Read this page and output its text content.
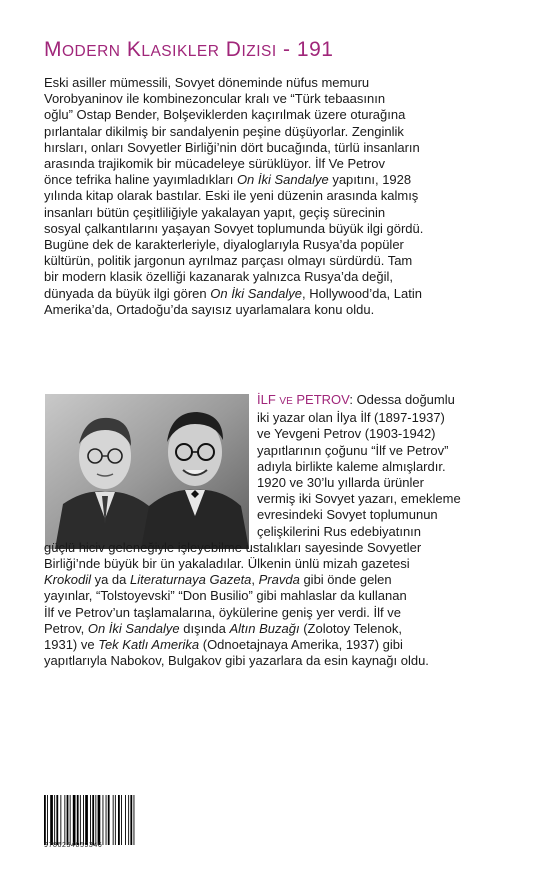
MODERN KLASIKLER DIZISI - 191
Eski asiller mümessili, Sovyet döneminde nüfus memuru
Vorobyaninov ile kombinezoncular kralı ve “Türk tebaasının
oğlu” Ostap Bender, Bolşeviklerden kaçırılmak üzere oturağına
pırlantalar dikilmiş bir sandalyenin peşine düşüyorlar. Zenginlik
hırsları, onları Sovyetler Birliği’nin dört bucağında, türlü insanların
arasında trajikomik bir mücadeleye sürüklüyor. İlf Ve Petrov
önce tefrika haline yayımladıkları On İki Sandalye yapıtını, 1928
yılında kitap olarak bastılar. Eski ile yeni düzenin arasında kalmış
insanları bütün çeşitliliğiyle yakalayan yapıt, geçiş sürecinin
sosyal çalkantılarını yaşayan Sovyet toplumunda büyük ilgi gördü.
Bugüne dek de karakterleriyle, diyaloglarıyla Rusya’da popüler
kültürün, politik jargonun ayrılmaz parçası olmayı sürdürdü. Tam
bir modern klasik özelliği kazanarak yalnızca Rusya’da değil,
dünyada da büyük ilgi gören On İki Sandalye, Hollywood’da, Latin
Amerika’da, Ortadoğu’da sayısız uyarlamalara konu oldu.
İLF VE PETROV: Odessa doğumlu
iki yazar olan İlya İlf (1897-1937)
ve Yevgeni Petrov (1903-1942)
yapıtlarının çoğunu “İlf ve Petrov”
adıyla birlikte kaleme almışlardır.
1920 ve 30’lu yıllarda ürünler
vermiş iki Sovyet yazarı, emekleme
evresindeki Sovyet toplumunun
çelişkilerini Rus edebiyatının
güçlü hiciv geleneğiyle işleyebilme ustalıkları sayesinde Sovyetler
Birliği’nde büyük bir ün yakaladılar. Ülkenin ünlü mizah gazetesi
Krokodil ya da Literaturnaya Gazeta, Pravda gibi önde gelen
yayınlar, “Tolstoyevski” “Don Busilio” gibi mahlaslar da kullanan
İlf ve Petrov’un taşlamalarına, öykülerine geniş yer verdi. İlf ve
Petrov, On İki Sandalye dışında Altın Buzağı (Zolotoy Telenok,
1931) ve Tek Katlı Amerika (Odnoetajnaya Amerika, 1937) gibi
yapıtlarıyla Nabokov, Bulgakov gibi yazarlara da esin kaynağı oldu.
9786254059346
